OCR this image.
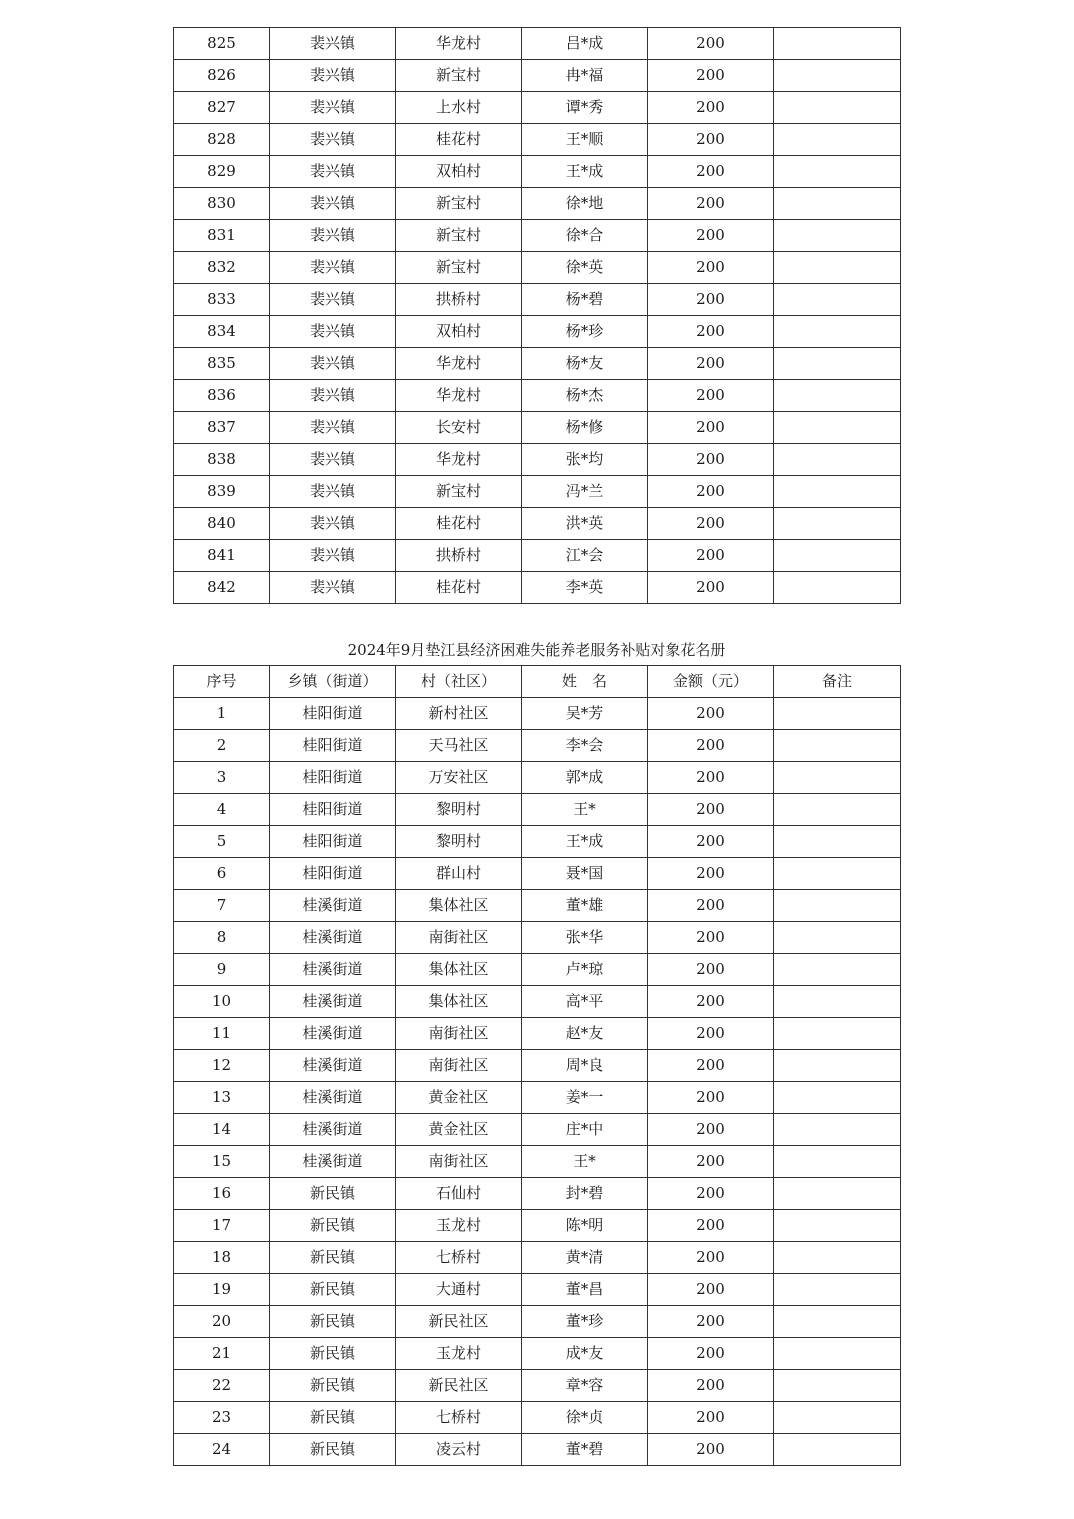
825	裴兴镇	华龙村	吕*成	200	
826	裴兴镇	新宝村	冉*福	200	
827	裴兴镇	上水村	谭*秀	200	
828	裴兴镇	桂花村	王*顺	200	
829	裴兴镇	双柏村	王*成	200	
830	裴兴镇	新宝村	徐*地	200	
831	裴兴镇	新宝村	徐*合	200	
832	裴兴镇	新宝村	徐*英	200	
833	裴兴镇	拱桥村	杨*碧	200	
834	裴兴镇	双柏村	杨*珍	200	
835	裴兴镇	华龙村	杨*友	200	
836	裴兴镇	华龙村	杨*杰	200	
837	裴兴镇	长安村	杨*修	200	
838	裴兴镇	华龙村	张*均	200	
839	裴兴镇	新宝村	冯*兰	200	
840	裴兴镇	桂花村	洪*英	200	
841	裴兴镇	拱桥村	江*会	200	
842	裴兴镇	桂花村	李*英	200	
2024年9月垫江县经济困难失能养老服务补贴对象花名册
序号	乡镇（街道）	村（社区）	姓　名	金额（元）	备注
1	桂阳街道	新村社区	吴*芳	200	
2	桂阳街道	天马社区	李*会	200	
3	桂阳街道	万安社区	郭*成	200	
4	桂阳街道	黎明村	王*	200	
5	桂阳街道	黎明村	王*成	200	
6	桂阳街道	群山村	聂*国	200	
7	桂溪街道	集体社区	董*雄	200	
8	桂溪街道	南街社区	张*华	200	
9	桂溪街道	集体社区	卢*琼	200	
10	桂溪街道	集体社区	高*平	200	
11	桂溪街道	南街社区	赵*友	200	
12	桂溪街道	南街社区	周*良	200	
13	桂溪街道	黄金社区	姜*一	200	
14	桂溪街道	黄金社区	庄*中	200	
15	桂溪街道	南街社区	王*	200	
16	新民镇	石仙村	封*碧	200	
17	新民镇	玉龙村	陈*明	200	
18	新民镇	七桥村	黄*清	200	
19	新民镇	大通村	董*昌	200	
20	新民镇	新民社区	董*珍	200	
21	新民镇	玉龙村	成*友	200	
22	新民镇	新民社区	章*容	200	
23	新民镇	七桥村	徐*贞	200	
24	新民镇	凌云村	董*碧	200	
